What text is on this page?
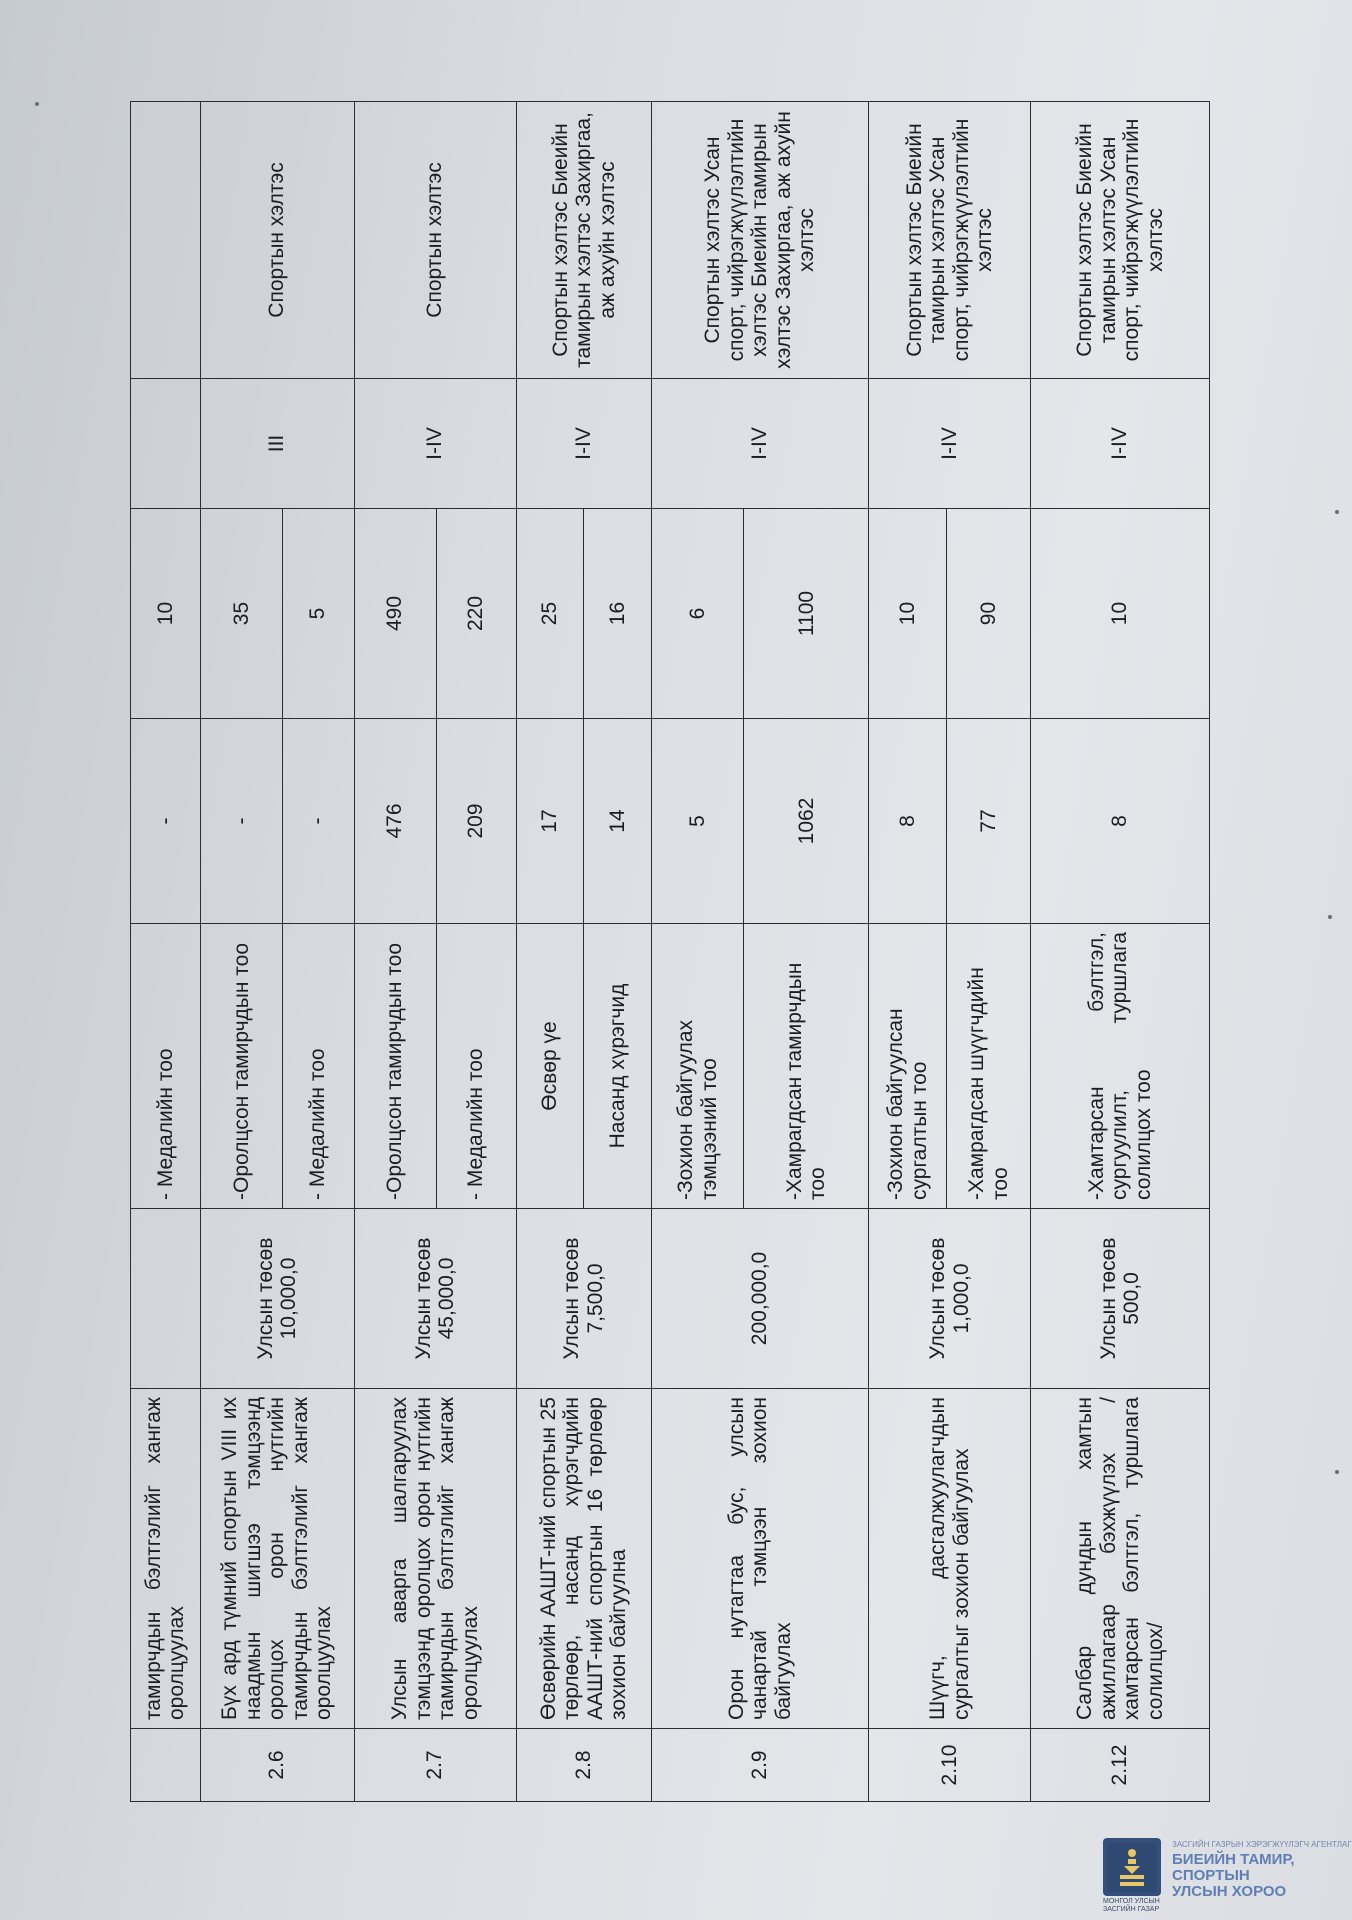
	тамирчдын бэлтгэлийг хангаж оролцуулах		- Медалийн тоо	-	10		
2.6	Бүх ард түмний спортын VIII их наадмын шигшээ тэмцээнд оролцох орон нутгийн тамирчдын бэлтгэлийг хангаж оролцуулах	Улсын төсөв 10,000,0	-Оролцсон тамирчдын тоо	-	35	III	Спортын хэлтэс
			- Медалийн тоо	-	5		
2.7	Улсын аварга шалгаруулах тэмцээнд оролцох орон нутгийн тамирчдын бэлтгэлийг хангаж оролцуулах	Улсын төсөв 45,000,0	-Оролцсон тамирчдын тоо	476	490	I-IV	Спортын хэлтэс
			- Медалийн тоо	209	220		
2.8	Өсвөрийн ААШТ-ний спортын 25 төрлөөр, насанд хүрэгчдийн ААШТ-ний спортын 16 төрлөөр зохион байгуулна	Улсын төсөв 7,500,0	Өсвөр үе	17	25	I-IV	Спортын хэлтэс Биеийн тамирын хэлтэс Захиргаа, аж ахуйн хэлтэс
			Насанд хүрэгчид	14	16		
2.9	Орон нутагтаа бус, улсын чанартай тэмцээн зохион байгуулах	200,000,0	-Зохион байгуулах тэмцээний тоо	5	6	I-IV	Спортын хэлтэс Усан спорт, чийрэгжүүлэлтийн хэлтэс Биеийн тамирын хэлтэс Захиргаа, аж ахуйн хэлтэс
			-Хамрагдсан тамирчдын тоо	1062	1100		
2.10	Шүүгч, дасгалжуулагчдын сургалтыг зохион байгуулах	Улсын төсөв 1,000,0	-Зохион байгуулсан сургалтын тоо	8	10	I-IV	Спортын хэлтэс Биеийн тамирын хэлтэс Усан спорт, чийрэгжүүлэлтийн хэлтэс
			-Хамрагдсан шүүгчдийн тоо	77	90		
2.12	Салбар дундын хамтын ажиллагаар бэхжүүлэх /хамтарсан бэлтгэл, туршлага солилцох/	Улсын төсөв 500,0	-Хамтарсан бэлтгэл, сургуулилт, туршлага солилцох тоо	8	10	I-IV	Спортын хэлтэс Биеийн тамирын хэлтэс Усан спорт, чийрэгжүүлэлтийн хэлтэс
МОНГОЛ УЛСЫН ЗАСГИЙН ГАЗАР
ЗАСГИЙН ГАЗРЫН ХЭРЭГЖҮҮЛЭГЧ АГЕНТЛАГ
БИЕИЙН ТАМИР, СПОРТЫН
УЛСЫН ХОРОО
